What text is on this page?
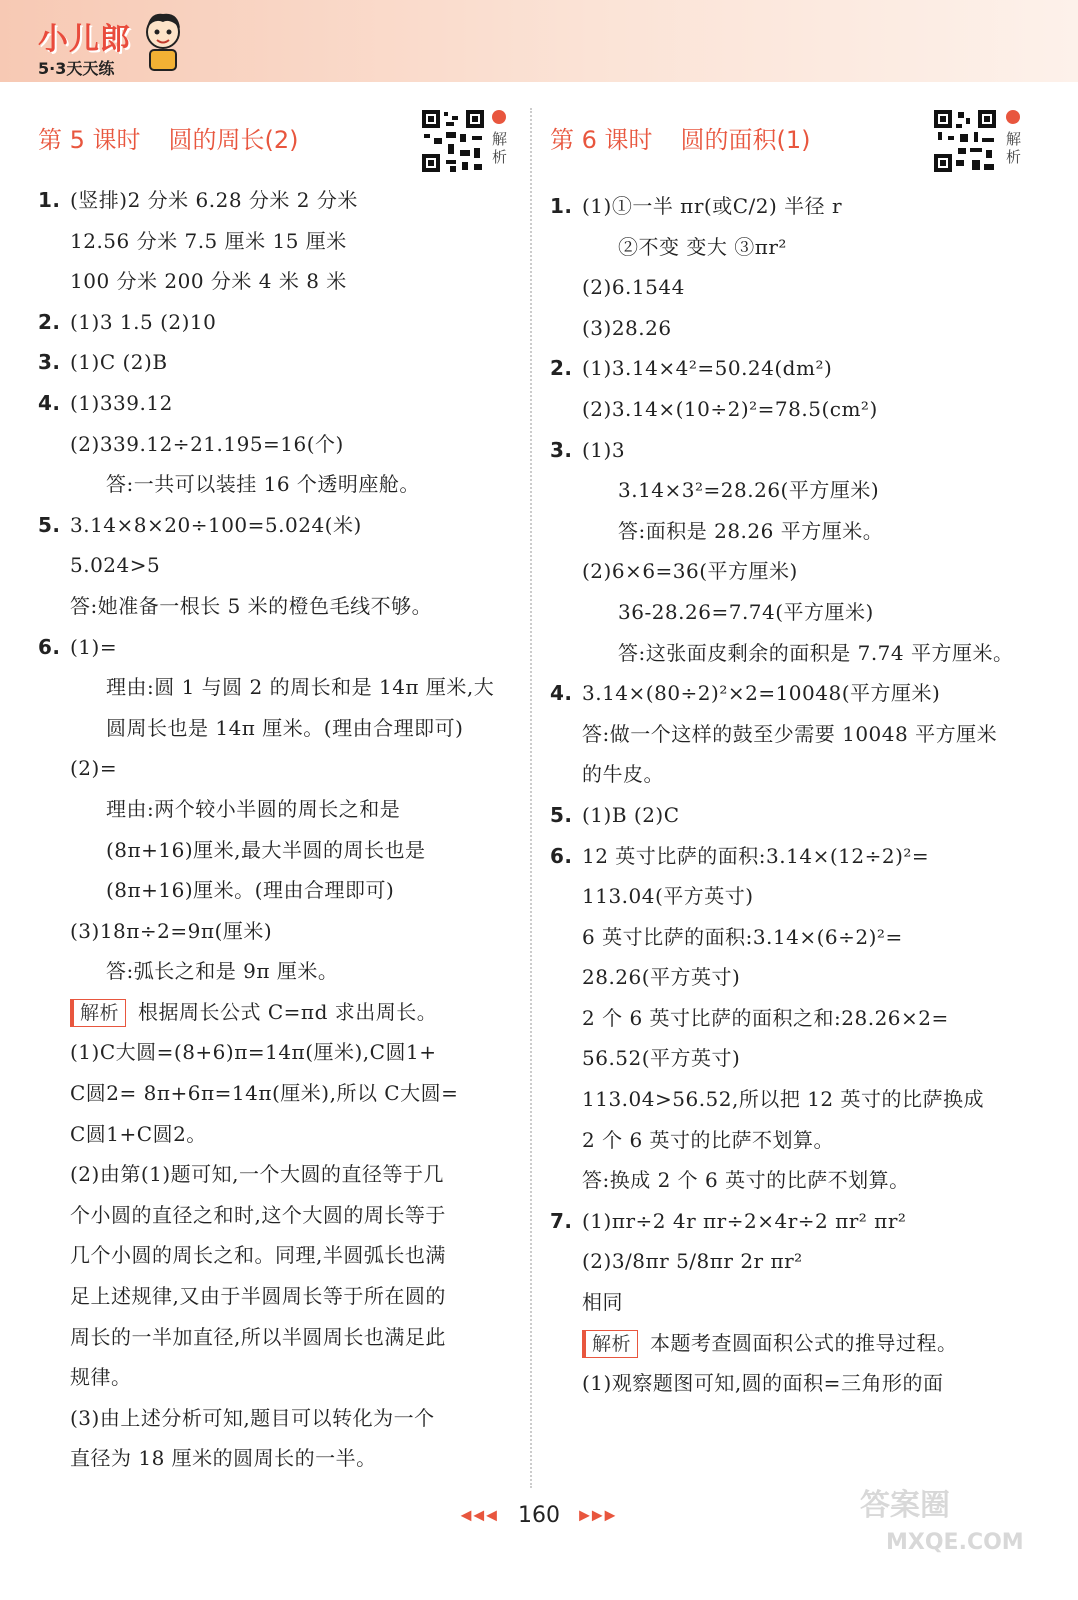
小儿郎
5·3天天练
第 5 课时 圆的周长(2)	解析
1. (竖排)2 分米 6.28 分米 2 分米
12.56 分米 7.5 厘米 15 厘米
100 分米 200 分米 4 米 8 米
2. (1)3 1.5 (2)10
3. (1)C (2)B
4. (1)339.12
(2)339.12÷21.195=16(个)
答:一共可以装挂 16 个透明座舱。
5. 3.14×8×20÷100=5.024(米)
5.024>5
答:她准备一根长 5 米的橙色毛线不够。
6. (1)=
理由:圆 1 与圆 2 的周长和是 14π 厘米,大
圆周长也是 14π 厘米。(理由合理即可)
(2)=
理由:两个较小半圆的周长之和是
(8π+16)厘米,最大半圆的周长也是
(8π+16)厘米。(理由合理即可)
(3)18π÷2=9π(厘米)
答:弧长之和是 9π 厘米。
解析 根据周长公式 C=πd 求出周长。
(1)C大圆=(8+6)π=14π(厘米),C圆1+
C圆2= 8π+6π=14π(厘米),所以 C大圆=
C圆1+C圆2。
(2)由第(1)题可知,一个大圆的直径等于几
个小圆的直径之和时,这个大圆的周长等于
几个小圆的周长之和。同理,半圆弧长也满
足上述规律,又由于半圆周长等于所在圆的
周长的一半加直径,所以半圆周长也满足此
规律。
(3)由上述分析可知,题目可以转化为一个
直径为 18 厘米的圆周长的一半。
第 6 课时 圆的面积(1)	解析
1. (1)①一半 πr(或C/2) 半径 r
②不变 变大 ③πr²
(2)6.1544
(3)28.26
2. (1)3.14×4²=50.24(dm²)
(2)3.14×(10÷2)²=78.5(cm²)
3. (1)3
3.14×3²=28.26(平方厘米)
答:面积是 28.26 平方厘米。
(2)6×6=36(平方厘米)
36-28.26=7.74(平方厘米)
答:这张面皮剩余的面积是 7.74 平方厘米。
4. 3.14×(80÷2)²×2=10048(平方厘米)
答:做一个这样的鼓至少需要 10048 平方厘米
的牛皮。
5. (1)B (2)C
6. 12 英寸比萨的面积:3.14×(12÷2)²=
113.04(平方英寸)
6 英寸比萨的面积:3.14×(6÷2)²=
28.26(平方英寸)
2 个 6 英寸比萨的面积之和:28.26×2=
56.52(平方英寸)
113.04>56.52,所以把 12 英寸的比萨换成
2 个 6 英寸的比萨不划算。
答:换成 2 个 6 英寸的比萨不划算。
7. (1)πr÷2 4r πr÷2×4r÷2 πr² πr²
(2)3/8πr 5/8πr 2r πr²
相同
解析 本题考查圆面积公式的推导过程。
(1)观察题图可知,圆的面积=三角形的面
◀◀◀ 160 ▶▶▶	答案圈
MXQE.COM
